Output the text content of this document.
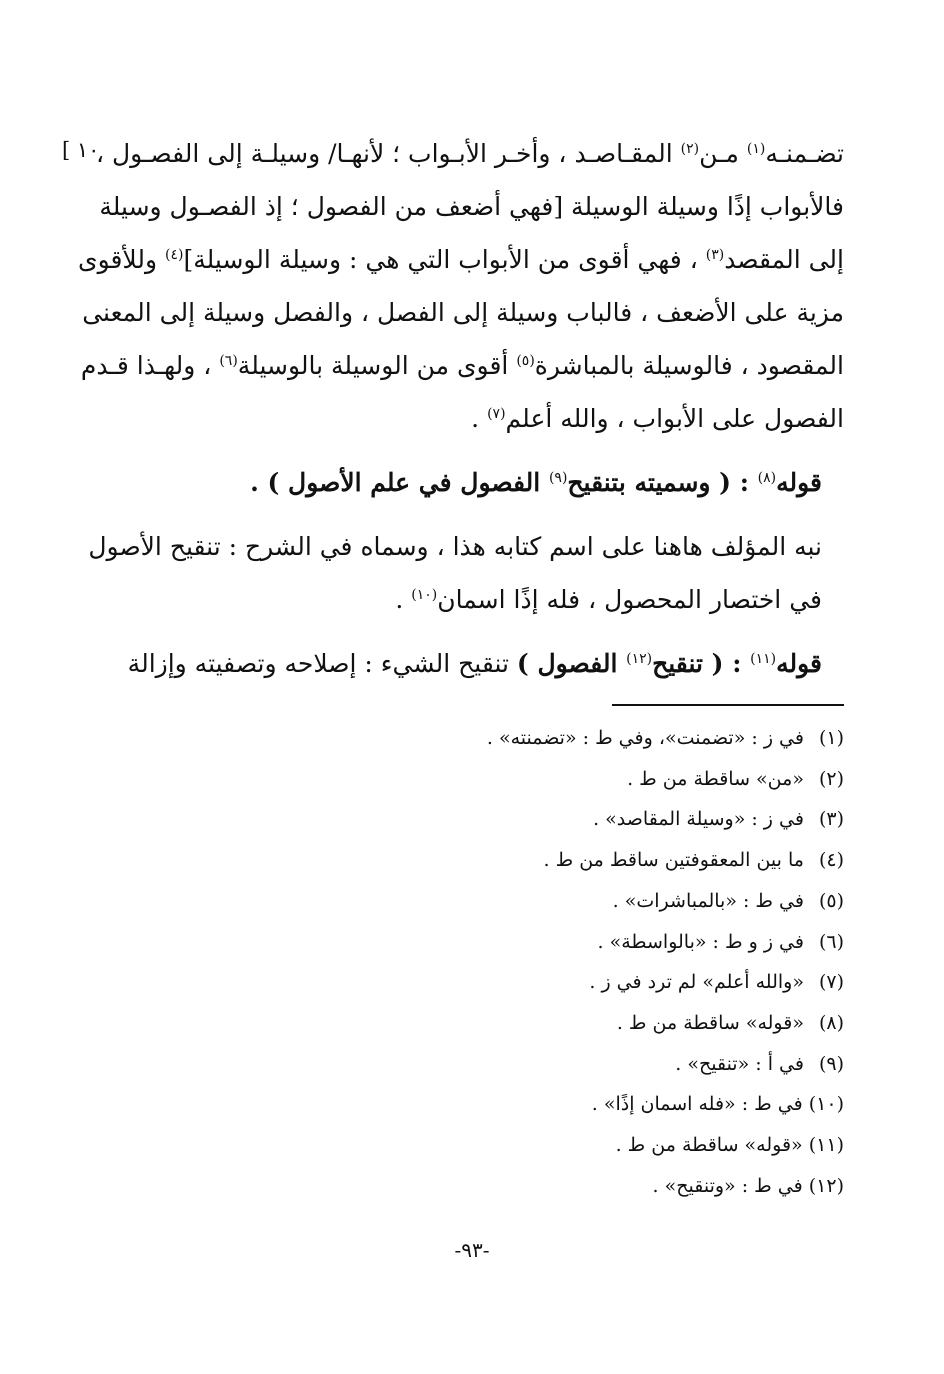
[ ١٠	تضـمنـه$^{(١)}$ مـن$^{(٢)}$ المقـاصـد ، وأخـر الأبـواب ؛ لأنهـا/ وسيلـة إلى الفصـول ،
فالأبواب إذًا وسيلة الوسيلة [فهي أضعف من الفصول ؛ إذ الفصـول وسيلة
إلى المقصد$^{(٣)}$ ، فهي أقوى من الأبواب التي هي : وسيلة الوسيلة]$^{(٤)}$ وللأقوى
مزية على الأضعف ، فالباب وسيلة إلى الفصل ، والفصل وسيلة إلى المعنى
المقصود ، فالوسيلة بالمباشرة$^{(٥)}$ أقوى من الوسيلة بالوسيلة$^{(٦)}$ ، ولهـذا قـدم
الفصول على الأبواب ، والله أعلم$^{(٧)}$ .

قوله$^{(٨)}$ : ( وسميته بتنقيح$^{(٩)}$ الفصول في علم الأصول ) .

نبه المؤلف هاهنا على اسم كتابه هذا ، وسماه في الشرح : تنقيح الأصول
في اختصار المحصول ، فله إذًا اسمان$^{(١٠)}$ .

قوله$^{(١١)}$ : ( تنقيح$^{(١٢)}$ الفصول ) تنقيح الشيء : إصلاحه وتصفيته وإزالة

(١) في ز : «تضمنت»، وفي ط : «تضمنته» .
(٢) «من» ساقطة من ط .
(٣) في ز : «وسيلة المقاصد» .
(٤) ما بين المعقوفتين ساقط من ط .
(٥) في ط : «بالمباشرات» .
(٦) في ز و ط : «بالواسطة» .
(٧) «والله أعلم» لم ترد في ز .
(٨) «قوله» ساقطة من ط .
(٩) في أ : «تنقيح» .
(١٠) في ط : «فله اسمان إذًا» .
(١١) «قوله» ساقطة من ط .
(١٢) في ط : «وتنقيح» .
-٩٣-
